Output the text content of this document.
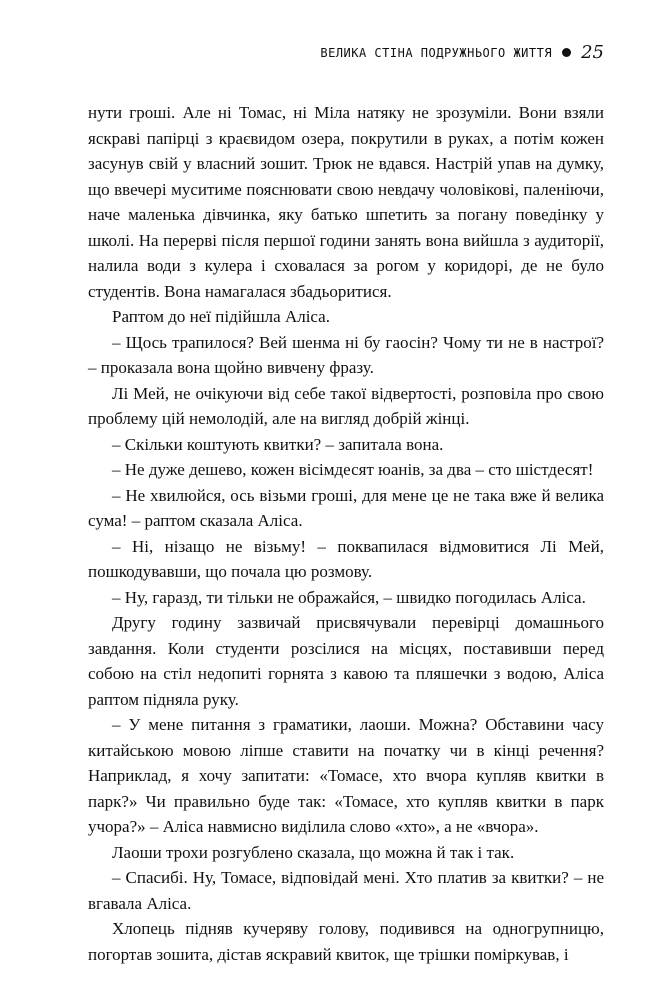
ВЕЛИКА СТІНА ПОДРУЖНЬОГО ЖИТТЯ 25

нути гроші. Але ні Томас, ні Міла натяку не зрозуміли. Вони взяли яскраві папірці з краєвидом озера, покрутили в руках, а потім кожен засунув свій у власний зошит. Трюк не вдався. Настрій упав на думку, що ввечері муситиме пояснювати свою невдачу чоловікові, паленіючи, наче маленька дівчинка, яку батько шпетить за погану поведінку у школі. На перерві після першої години занять вона вийшла з аудиторії, налила води з кулера і сховалася за рогом у коридорі, де не було студентів. Вона намагалася збадьоритися.

Раптом до неї підійшла Аліса.

– Щось трапилося? Вей шенма ні бу гаосін? Чому ти не в настрої? – проказала вона щойно вивчену фразу.

Лі Мей, не очікуючи від себе такої відвертості, розповіла про свою проблему цій немолодій, але на вигляд добрій жінці.

– Скільки коштують квитки? – запитала вона.

– Не дуже дешево, кожен вісімдесят юанів, за два – сто шістдесят!

– Не хвилюйся, ось візьми гроші, для мене це не така вже й велика сума! – раптом сказала Аліса.

– Ні, нізащо не візьму! – поквапилася відмовитися Лі Мей, пошкодувавши, що почала цю розмову.

– Ну, гаразд, ти тільки не ображайся, – швидко погодилась Аліса.

Другу годину зазвичай присвячували перевірці домашнього завдання. Коли студенти розсілися на місцях, поставивши перед собою на стіл недопиті горнята з кавою та пляшечки з водою, Аліса раптом підняла руку.

– У мене питання з граматики, лаоши. Можна? Обставини часу китайською мовою ліпше ставити на початку чи в кінці речення? Наприклад, я хочу запитати: «Томасе, хто вчора купляв квитки в парк?» Чи правильно буде так: «Томасе, хто купляв квитки в парк учора?» – Аліса навмисно виділила слово «хто», а не «вчора».

Лаоши трохи розгублено сказала, що можна й так і так.

– Спасибі. Ну, Томасе, відповідай мені. Хто платив за квитки? – не вгавала Аліса.

Хлопець підняв кучеряву голову, подивився на одногрупницю, погортав зошита, дістав яскравий квиток, ще трішки поміркував, і
